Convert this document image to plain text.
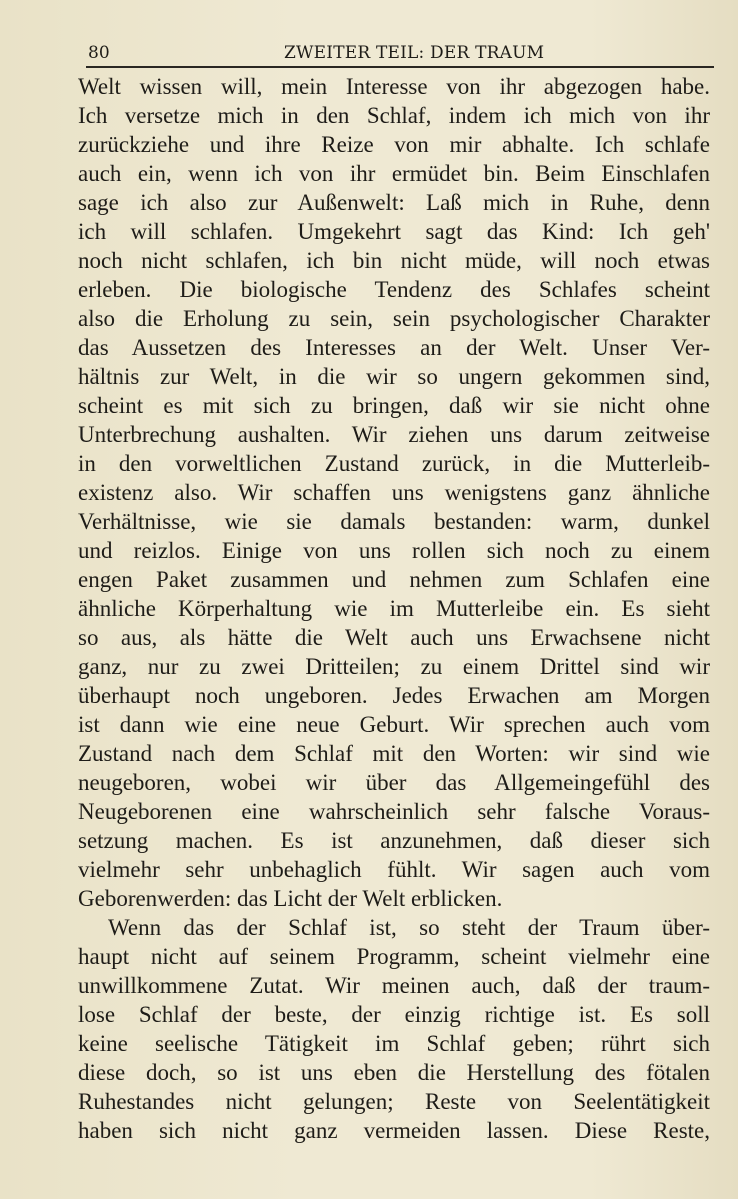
80	ZWEITER TEIL: DER TRAUM
Welt wissen will, mein Interesse von ihr abgezogen habe.
Ich versetze mich in den Schlaf, indem ich mich von ihr
zurückziehe und ihre Reize von mir abhalte. Ich schlafe
auch ein, wenn ich von ihr ermüdet bin. Beim Einschlafen
sage ich also zur Außenwelt: Laß mich in Ruhe, denn
ich will schlafen. Umgekehrt sagt das Kind: Ich geh'
noch nicht schlafen, ich bin nicht müde, will noch etwas
erleben. Die biologische Tendenz des Schlafes scheint
also die Erholung zu sein, sein psychologischer Charakter
das Aussetzen des Interesses an der Welt. Unser Ver-
hältnis zur Welt, in die wir so ungern gekommen sind,
scheint es mit sich zu bringen, daß wir sie nicht ohne
Unterbrechung aushalten. Wir ziehen uns darum zeitweise
in den vorweltlichen Zustand zurück, in die Mutterleib-
existenz also. Wir schaffen uns wenigstens ganz ähnliche
Verhältnisse, wie sie damals bestanden: warm, dunkel
und reizlos. Einige von uns rollen sich noch zu einem
engen Paket zusammen und nehmen zum Schlafen eine
ähnliche Körperhaltung wie im Mutterleibe ein. Es sieht
so aus, als hätte die Welt auch uns Erwachsene nicht
ganz, nur zu zwei Dritteilen; zu einem Drittel sind wir
überhaupt noch ungeboren. Jedes Erwachen am Morgen
ist dann wie eine neue Geburt. Wir sprechen auch vom
Zustand nach dem Schlaf mit den Worten: wir sind wie
neugeboren, wobei wir über das Allgemeingefühl des
Neugeborenen eine wahrscheinlich sehr falsche Voraus-
setzung machen. Es ist anzunehmen, daß dieser sich
vielmehr sehr unbehaglich fühlt. Wir sagen auch vom
Geborenwerden: das Licht der Welt erblicken.
Wenn das der Schlaf ist, so steht der Traum über-
haupt nicht auf seinem Programm, scheint vielmehr eine
unwillkommene Zutat. Wir meinen auch, daß der traum-
lose Schlaf der beste, der einzig richtige ist. Es soll
keine seelische Tätigkeit im Schlaf geben; rührt sich
diese doch, so ist uns eben die Herstellung des fötalen
Ruhestandes nicht gelungen; Reste von Seelentätigkeit
haben sich nicht ganz vermeiden lassen. Diese Reste,
